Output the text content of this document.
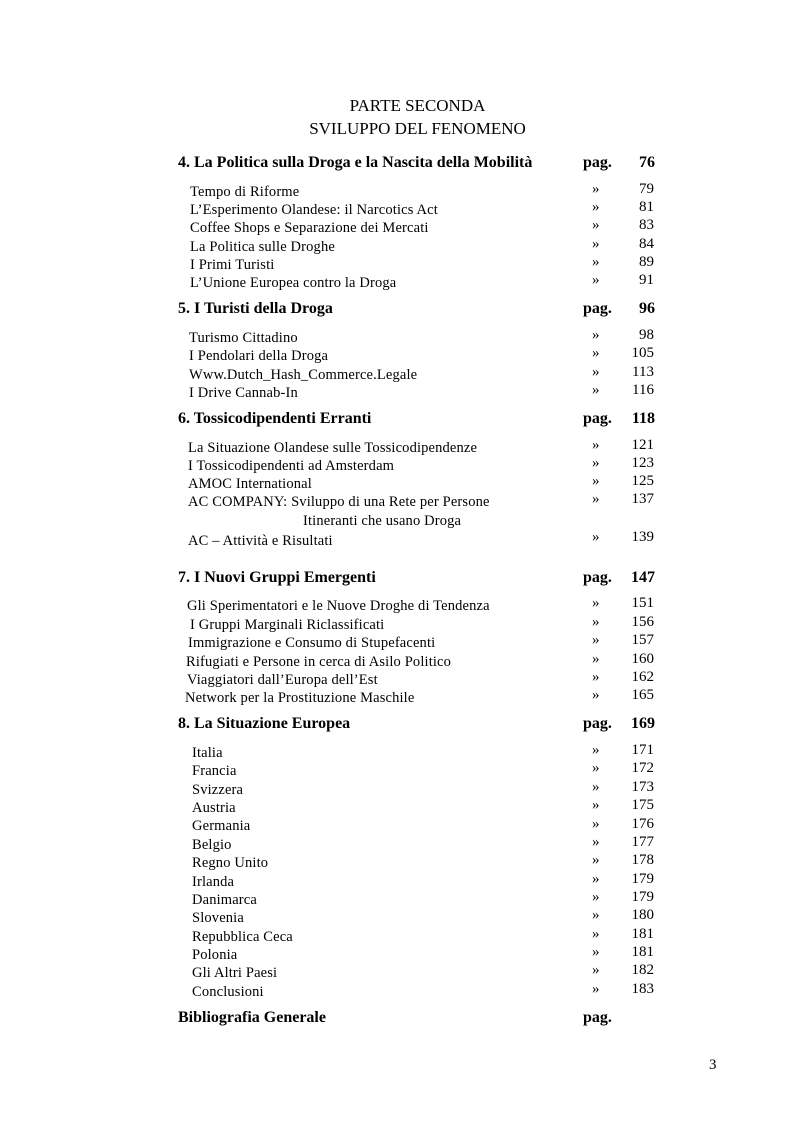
PARTE SECONDA
SVILUPPO DEL FENOMENO
4. La Politica sulla Droga e la Nascita della Mobilità	pag. 76
Tempo di Riforme	»	79
L’Esperimento Olandese: il Narcotics Act	»	81
Coffee Shops e Separazione dei Mercati	»	83
La Politica sulle Droghe	»	84
I Primi Turisti	»	89
L’Unione Europea contro la Droga	»	91
5. I Turisti della Droga	pag. 96
Turismo Cittadino	»	98
I Pendolari della Droga	»	105
Www.Dutch_Hash_Commerce.Legale	»	113
I Drive Cannab-In	»	116
6. Tossicodipendenti Erranti	pag. 118
La Situazione Olandese sulle Tossicodipendenze	»	121
I Tossicodipendenti ad Amsterdam	»	123
AMOC International	»	125
AC COMPANY: Sviluppo di una Rete per Persone	»	137
Itineranti che usano Droga
AC – Attività e Risultati	»	139
7. I Nuovi Gruppi Emergenti	pag. 147
Gli Sperimentatori e le Nuove Droghe di Tendenza	»	151
I Gruppi Marginali Riclassificati	»	156
Immigrazione e Consumo di Stupefacenti	»	157
Rifugiati e Persone in cerca di Asilo Politico	»	160
Viaggiatori dall’Europa dell’Est	»	162
Network per la Prostituzione Maschile	»	165
8. La Situazione Europea	pag. 169
Italia	»	171
Francia	»	172
Svizzera	»	173
Austria	»	175
Germania	»	176
Belgio	»	177
Regno Unito	»	178
Irlanda	»	179
Danimarca	»	179
Slovenia	»	180
Repubblica Ceca	»	181
Polonia	»	181
Gli Altri Paesi	»	182
Conclusioni	»	183
Bibliografia Generale	pag.
3
